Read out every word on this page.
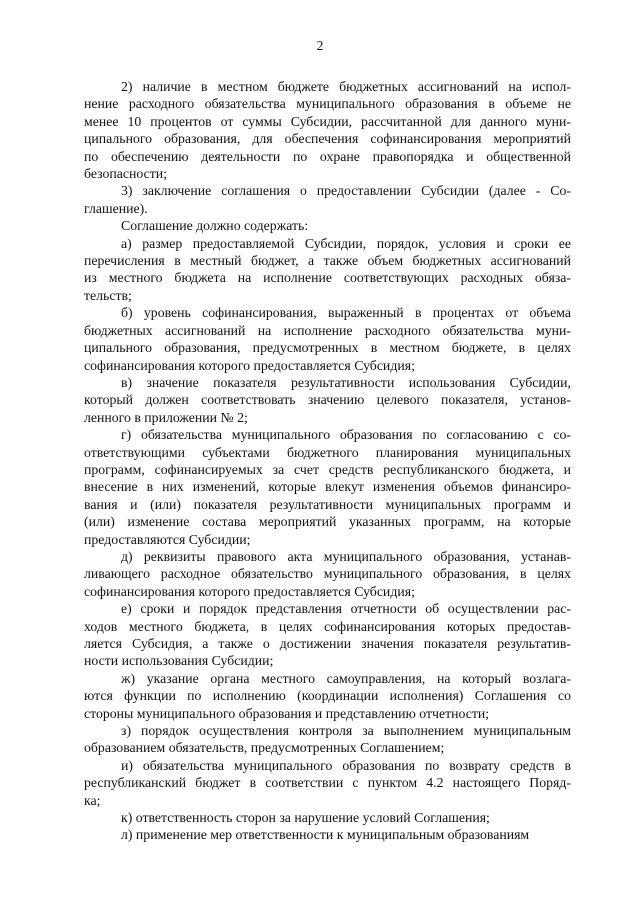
2
2) наличие в местном бюджете бюджетных ассигнований на испол-
нение расходного обязательства муниципального образования в объеме не
менее 10 процентов от суммы Субсидии, рассчитанной для данного муни-
ципального образования, для обеспечения софинансирования мероприятий
по обеспечению деятельности по охране правопорядка и общественной
безопасности;
3) заключение соглашения о предоставлении Субсидии (далее - Со-
глашение).
Соглашение должно содержать:
а) размер предоставляемой Субсидии, порядок, условия и сроки ее
перечисления в местный бюджет, а также объем бюджетных ассигнований
из местного бюджета на исполнение соответствующих расходных обяза-
тельств;
б) уровень софинансирования, выраженный в процентах от объема
бюджетных ассигнований на исполнение расходного обязательства муни-
ципального образования, предусмотренных в местном бюджете, в целях
софинансирования которого предоставляется Субсидия;
в) значение показателя результативности использования Субсидии,
который должен соответствовать значению целевого показателя, установ-
ленного в приложении № 2;
г) обязательства муниципального образования по согласованию с со-
ответствующими субъектами бюджетного планирования муниципальных
программ, софинансируемых за счет средств республиканского бюджета, и
внесение в них изменений, которые влекут изменения объемов финансиро-
вания и (или) показателя результативности муниципальных программ и
(или) изменение состава мероприятий указанных программ, на которые
предоставляются Субсидии;
д) реквизиты правового акта муниципального образования, устанав-
ливающего расходное обязательство муниципального образования, в целях
софинансирования которого предоставляется Субсидия;
е) сроки и порядок представления отчетности об осуществлении рас-
ходов местного бюджета, в целях софинансирования которых предостав-
ляется Субсидия, а также о достижении значения показателя результатив-
ности использования Субсидии;
ж) указание органа местного самоуправления, на который возлага-
ются функции по исполнению (координации исполнения) Соглашения со
стороны муниципального образования и представлению отчетности;
з) порядок осуществления контроля за выполнением муниципальным
образованием обязательств, предусмотренных Соглашением;
и) обязательства муниципального образования по возврату средств в
республиканский бюджет в соответствии с пунктом 4.2 настоящего Поряд-
ка;
к) ответственность сторон за нарушение условий Соглашения;
л) применение мер ответственности к муниципальным образованиям
